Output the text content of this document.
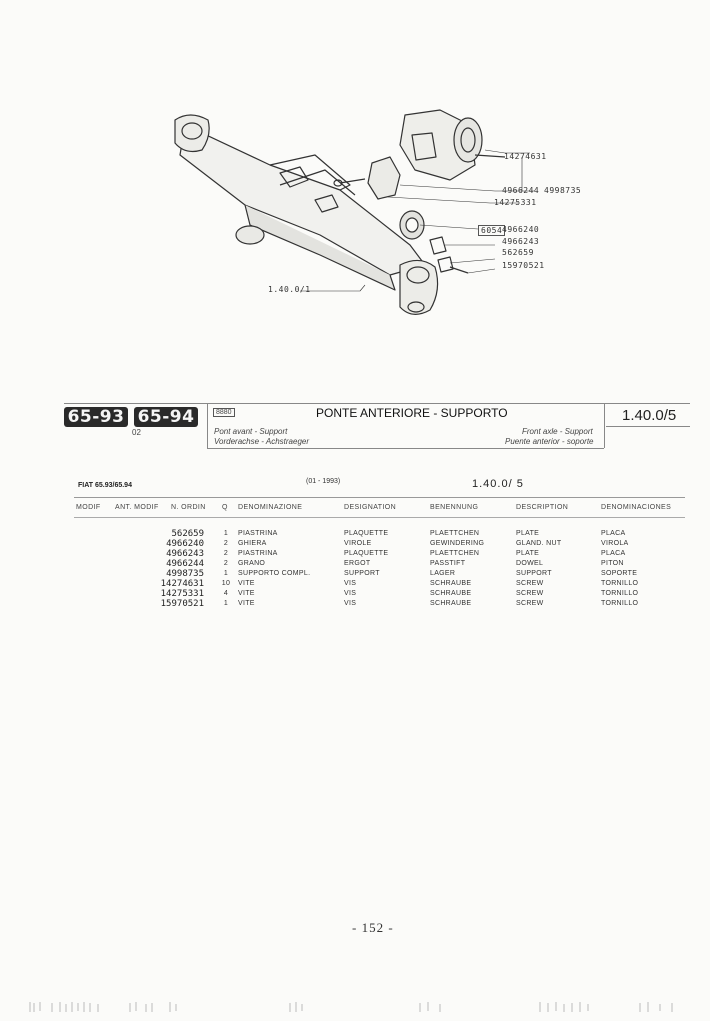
14274631
4966244 4998735
14275331
6054 4966240
4966243
562659
15970521
1.40.0/1
65-93 65-94
02
8880	PONTE ANTERIORE - SUPPORTO
Pont avant - Support
Vorderachse - Achstraeger
Front axle - Support
Puente anterior - soporte
1.40.0/5
FIAT 65.93/65.94
(01 - 1993)	1.40.0/ 5
MODIF ANT. MODIF N. ORDIN Q DENOMINAZIONE	DESIGNATION	BENENNUNG	DESCRIPTION	DENOMINACIONES
562659	1	PIASTRINA	PLAQUETTE	PLAETTCHEN	PLATE	PLACA
4966240	2	GHIERA	VIROLE	GEWINDERING	GLAND. NUT	VIROLA
4966243	2	PIASTRINA	PLAQUETTE	PLAETTCHEN	PLATE	PLACA
4966244	2	GRANO	ERGOT	PASSTIFT	DOWEL	PITON
4998735	1	SUPPORTO COMPL.	SUPPORT	LAGER	SUPPORT	SOPORTE
14274631	10 VITE	VIS	SCHRAUBE	SCREW	TORNILLO
14275331	4	VITE	VIS	SCHRAUBE	SCREW	TORNILLO
15970521	1	VITE	VIS	SCHRAUBE	SCREW	TORNILLO
- 152 -
